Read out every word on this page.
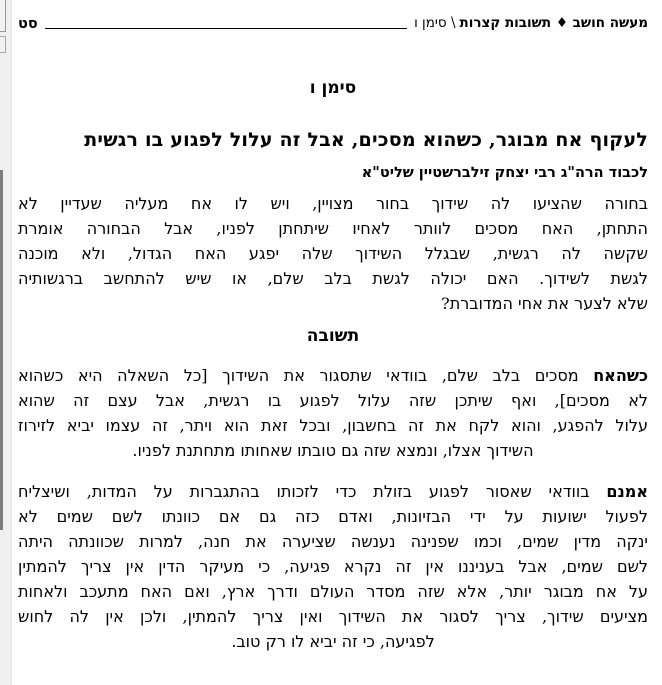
מעשה חושב ♦ תשובות קצרות
\ סימן ו
סט
סימן ו
לעקוף אח מבוגר, כשהוא מסכים, אבל זה עלול לפגוע בו רגשית
לכבוד הרה"ג רבי יצחק זילברשטיין שליט"א
בחורה שהציעו לה שידוך בחור מצויין, ויש לו אח מעליה שעדיין לא
התחתן, האח מסכים לוותר לאחיו שיתחתן לפניו, אבל הבחורה אומרת
שקשה לה רגשית, שבגלל השידוך שלה יפגע האח הגדול, ולא מוכנה
לגשת לשידוך. האם יכולה לגשת בלב שלם, או שיש להתחשב ברגשותיה
שלא לצער את אחי המדוברת?
תשובה
כשהאח מסכים בלב שלם, בוודאי שתסגור את השידוך [כל השאלה היא כשהוא
לא מסכים], ואף שיתכן שזה עלול לפגוע בו רגשית, אבל עצם זה שהוא
עלול להפגע, והוא לקח את זה בחשבון, ובכל זאת הוא ויתר, זה עצמו יביא לזירוז
השידוך אצלו, ונמצא שזה גם טובתו שאחותו מתחתנת לפניו.
אמנם בוודאי שאסור לפגוע בזולת כדי לזכותו בהתגברות על המדות, ושיצליח
לפעול ישועות על ידי הבזיונות, ואדם כזה גם אם כוונתו לשם שמים לא
ינקה מדין שמים, וכמו שפנינה נענשה שציערה את חנה, למרות שכוונתה היתה
לשם שמים, אבל בעניננו אין זה נקרא פגיעה, כי מעיקר הדין אין צריך להמתין
על אח מבוגר יותר, אלא שזה מסדר העולם ודרך ארץ, ואם האח מתעכב ולאחות
מציעים שידוך, צריך לסגור את השידוך ואין צריך להמתין, ולכן אין לה לחוש
לפגיעה, כי זה יביא לו רק טוב.
